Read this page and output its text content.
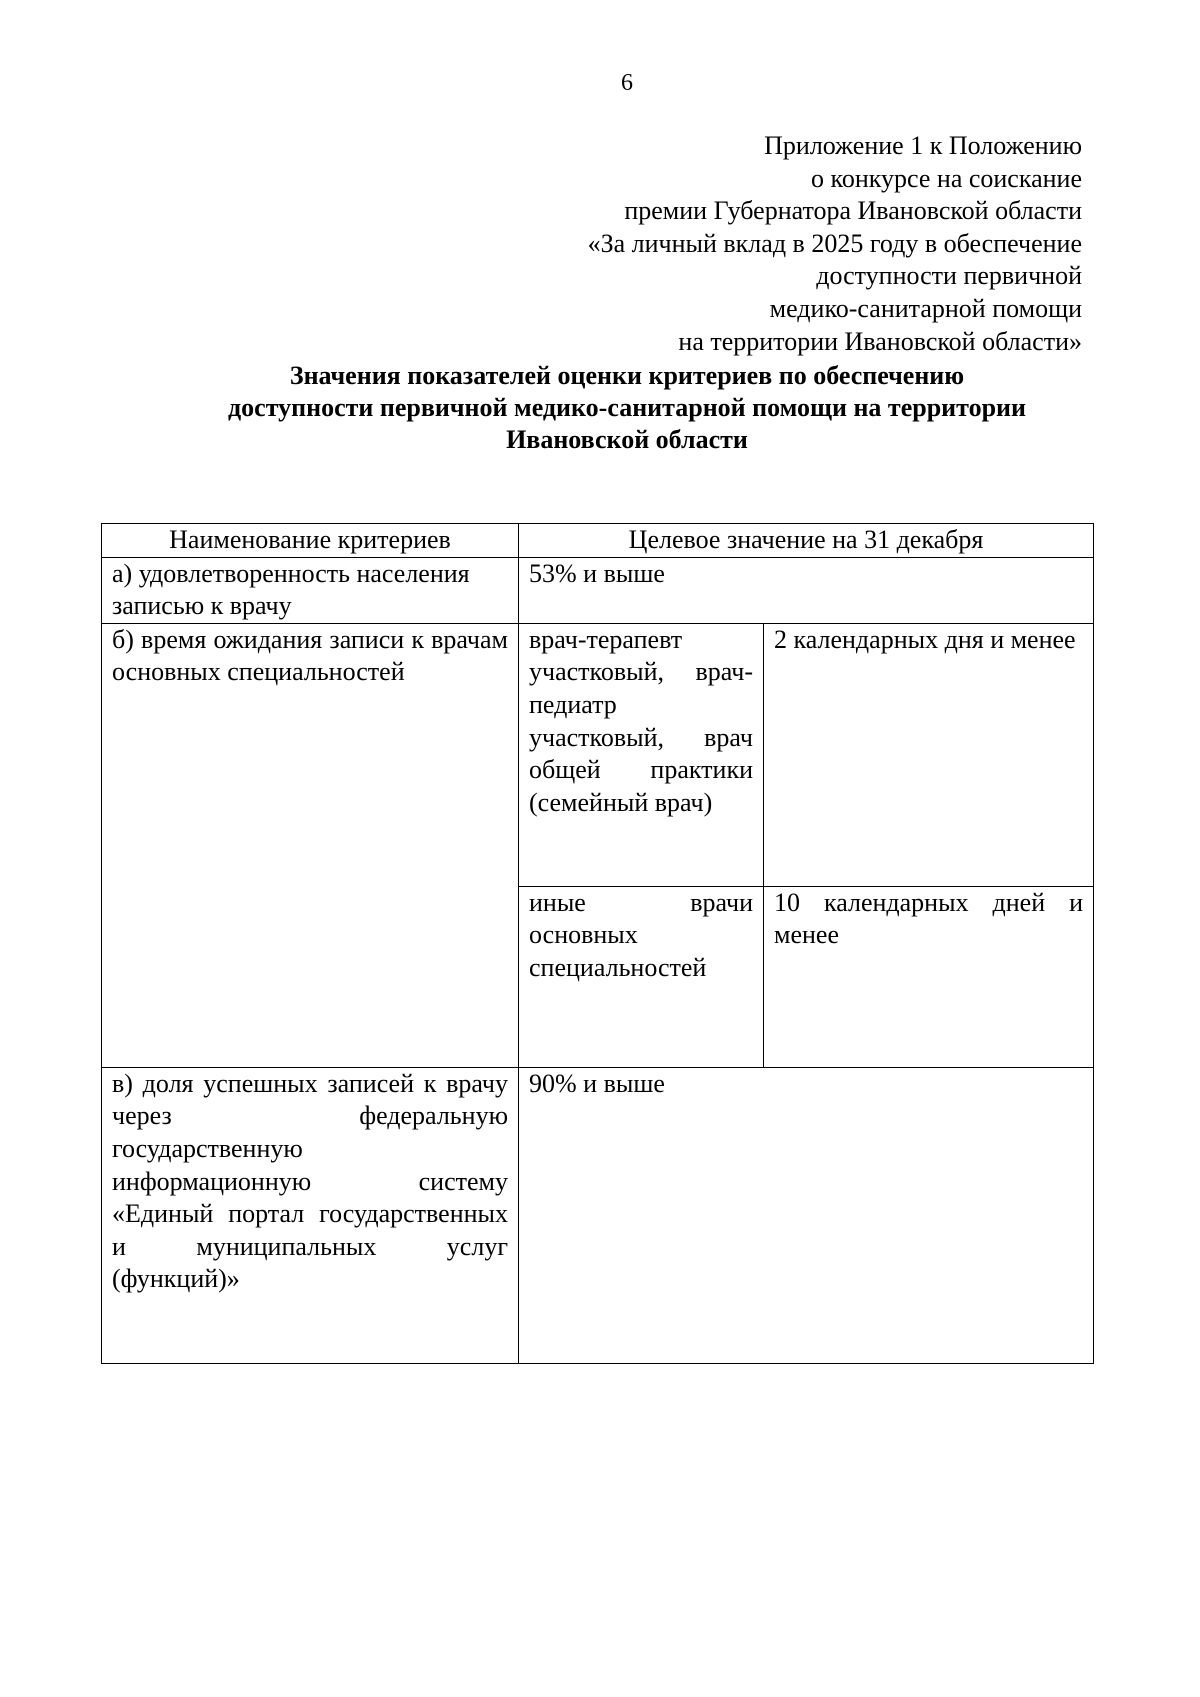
6
Приложение 1 к Положению
о конкурсе на соискание
премии Губернатора Ивановской области
«За личный вклад в 2025 году в обеспечение
доступности первичной
медико-санитарной помощи
на территории Ивановской области»
Значения показателей оценки критериев по обеспечению
доступности первичной медико-санитарной помощи на территории
Ивановской области
Наименование критериев	Целевое значение на 31 декабря	
а) удовлетворенность населения записью к врачу	53% и выше	
б) время ожидания записи к врачам основных специальностей	врач-терапевт участковый, врач-педиатр участковый, врач общей практики (семейный врач)	2 календарных дня и менее
	иные врачи основных специальностей	10 календарных дней и менее
в) доля успешных записей к врачу через федеральную государственную информационную систему «Единый портал государственных и муниципальных услуг (функций)»	90% и выше	
